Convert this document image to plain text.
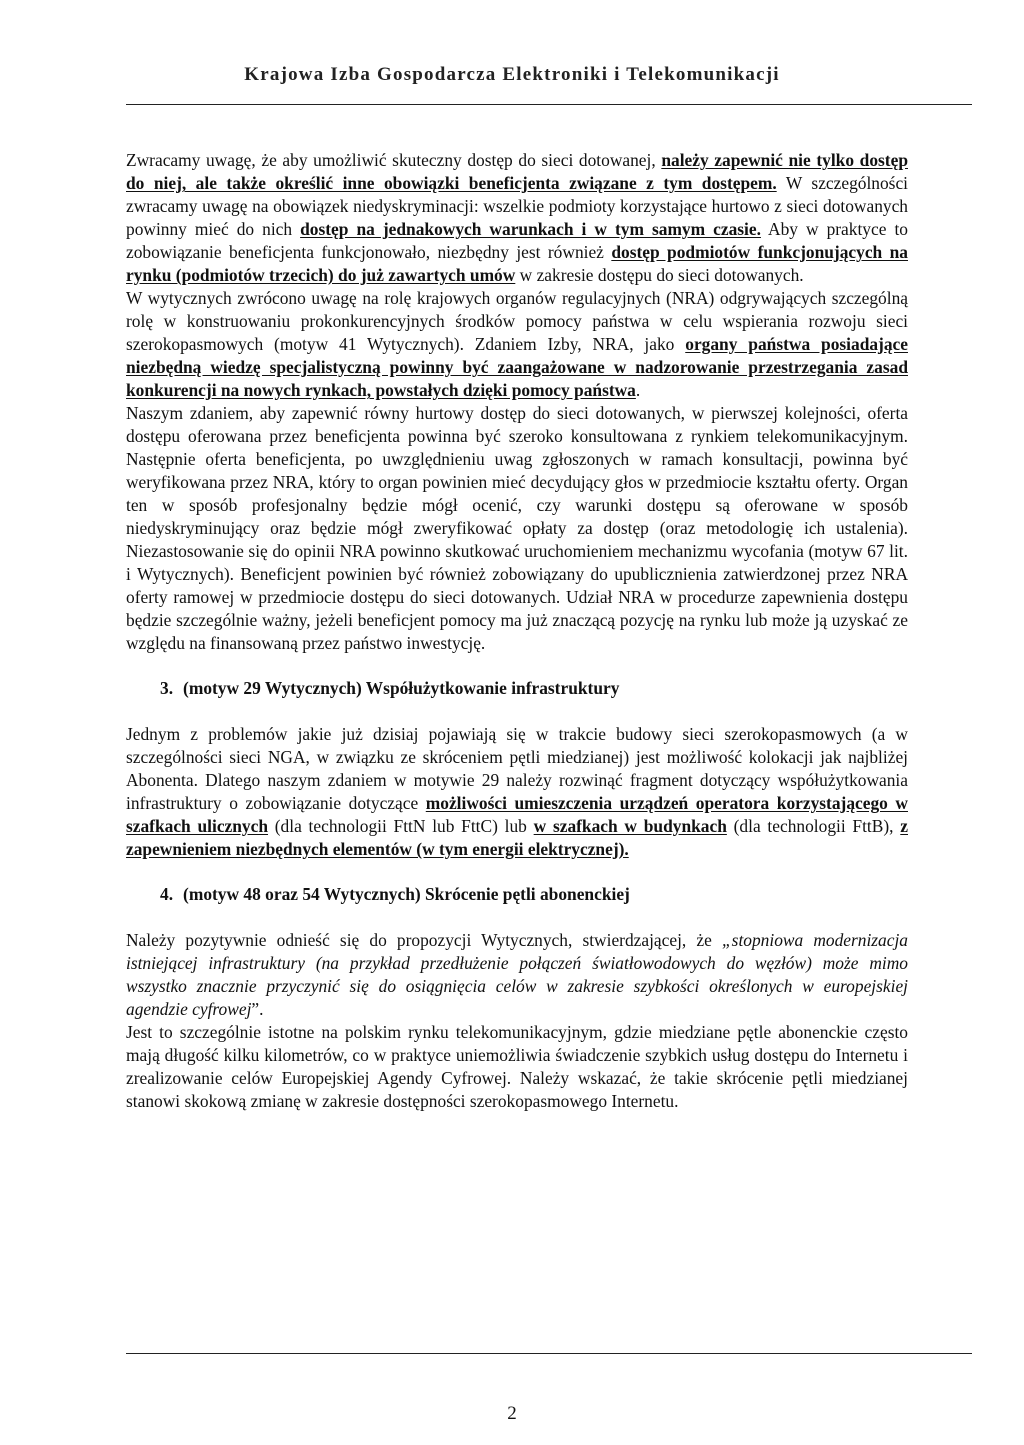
Krajowa Izba Gospodarcza Elektroniki i Telekomunikacji

Zwracamy uwagę, że aby umożliwić skuteczny dostęp do sieci dotowanej, należy zapewnić nie tylko dostęp do niej, ale także określić inne obowiązki beneficjenta związane z tym dostępem. W szczególności zwracamy uwagę na obowiązek niedyskryminacji: wszelkie podmioty korzystające hurtowo z sieci dotowanych powinny mieć do nich dostęp na jednakowych warunkach i w tym samym czasie. Aby w praktyce to zobowiązanie beneficjenta funkcjonowało, niezbędny jest również dostęp podmiotów funkcjonujących na rynku (podmiotów trzecich) do już zawartych umów w zakresie dostępu do sieci dotowanych.

W wytycznych zwrócono uwagę na rolę krajowych organów regulacyjnych (NRA) odgrywających szczególną rolę w konstruowaniu prokonkurencyjnych środków pomocy państwa w celu wspierania rozwoju sieci szerokopasmowych (motyw 41 Wytycznych). Zdaniem Izby, NRA, jako organy państwa posiadające niezbędną wiedzę specjalistyczną powinny być zaangażowane w nadzorowanie przestrzegania zasad konkurencji na nowych rynkach, powstałych dzięki pomocy państwa.

Naszym zdaniem, aby zapewnić równy hurtowy dostęp do sieci dotowanych, w pierwszej kolejności, oferta dostępu oferowana przez beneficjenta powinna być szeroko konsultowana z rynkiem telekomunikacyjnym. Następnie oferta beneficjenta, po uwzględnieniu uwag zgłoszonych w ramach konsultacji, powinna być weryfikowana przez NRA, który to organ powinien mieć decydujący głos w przedmiocie kształtu oferty. Organ ten w sposób profesjonalny będzie mógł ocenić, czy warunki dostępu są oferowane w sposób niedyskryminujący oraz będzie mógł zweryfikować opłaty za dostęp (oraz metodologię ich ustalenia). Niezastosowanie się do opinii NRA powinno skutkować uruchomieniem mechanizmu wycofania (motyw 67 lit. i Wytycznych). Beneficjent powinien być również zobowiązany do upublicznienia zatwierdzonej przez NRA oferty ramowej w przedmiocie dostępu do sieci dotowanych. Udział NRA w procedurze zapewnienia dostępu będzie szczególnie ważny, jeżeli beneficjent pomocy ma już znaczącą pozycję na rynku lub może ją uzyskać ze względu na finansowaną przez państwo inwestycję.

3. (motyw 29 Wytycznych) Współużytkowanie infrastruktury

Jednym z problemów jakie już dzisiaj pojawiają się w trakcie budowy sieci szerokopasmowych (a w szczególności sieci NGA, w związku ze skróceniem pętli miedzianej) jest możliwość kolokacji jak najbliżej Abonenta. Dlatego naszym zdaniem w motywie 29 należy rozwinąć fragment dotyczący współużytkowania infrastruktury o zobowiązanie dotyczące możliwości umieszczenia urządzeń operatora korzystającego w szafkach ulicznych (dla technologii FttN lub FttC) lub w szafkach w budynkach (dla technologii FttB), z zapewnieniem niezbędnych elementów (w tym energii elektrycznej).

4. (motyw 48 oraz 54 Wytycznych) Skrócenie pętli abonenckiej

Należy pozytywnie odnieść się do propozycji Wytycznych, stwierdzającej, że „stopniowa modernizacja istniejącej infrastruktury (na przykład przedłużenie połączeń światłowodowych do węzłów) może mimo wszystko znacznie przyczynić się do osiągnięcia celów w zakresie szybkości określonych w europejskiej agendzie cyfrowej”.

Jest to szczególnie istotne na polskim rynku telekomunikacyjnym, gdzie miedziane pętle abonenckie często mają długość kilku kilometrów, co w praktyce uniemożliwia świadczenie szybkich usług dostępu do Internetu i zrealizowanie celów Europejskiej Agendy Cyfrowej. Należy wskazać, że takie skrócenie pętli miedzianej stanowi skokową zmianę w zakresie dostępności szerokopasmowego Internetu.

2
